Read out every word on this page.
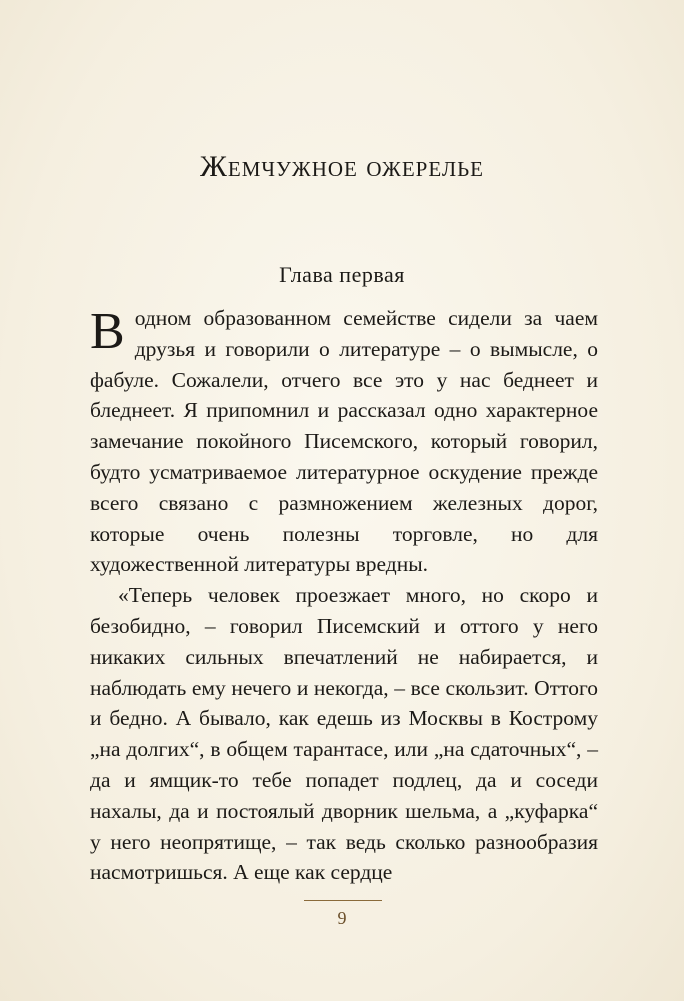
Жемчужное ожерелье
Глава первая

В одном образованном семействе сидели за чаем друзья и говорили о литературе – о вымысле, о фабуле. Сожалели, отчего все это у нас беднеет и бледнеет. Я припомнил и рассказал одно характерное замечание покойного Писемского, который говорил, будто усматриваемое литературное оскудение прежде всего связано с размножением железных дорог, которые очень полезны торговле, но для художественной литературы вредны.

«Теперь человек проезжает много, но скоро и безобидно, – говорил Писемский и оттого у него никаких сильных впечатлений не набирается, и наблюдать ему нечего и некогда, – все скользит. Оттого и бедно. А бывало, как едешь из Москвы в Кострому „на долгих“, в общем тарантасе, или „на сдаточных“, – да и ямщик-то тебе попадет подлец, да и соседи нахалы, да и постоялый дворник шельма, а „куфарка“ у него неопрятище, – так ведь сколько разнообразия насмотришься. А еще как сердце

9
